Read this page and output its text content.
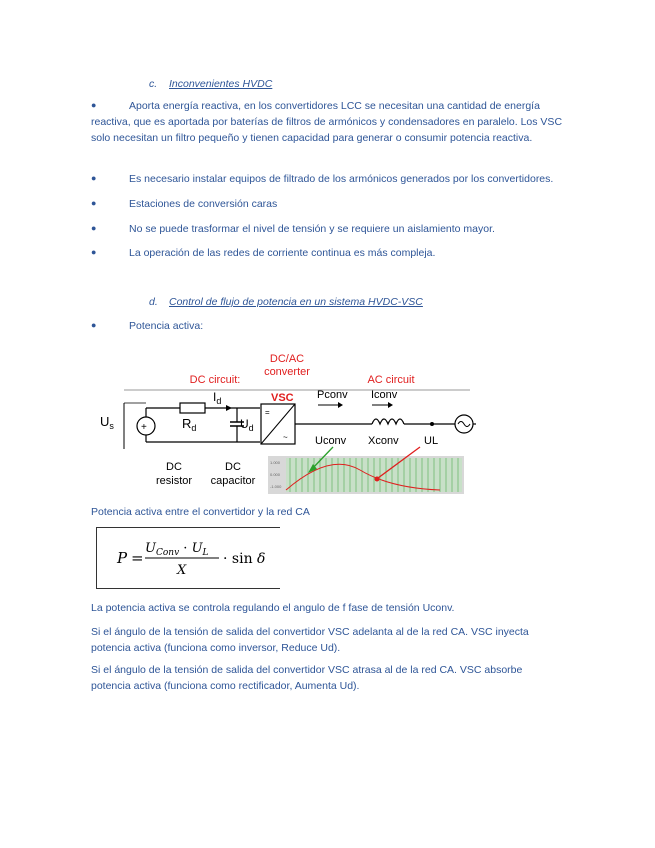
c. Inconvenientes HVDC
●	Aporta energía reactiva, en los convertidores LCC se necesitan una cantidad de energía reactiva, que es aportada por baterías de filtros de armónicos y condensadores en paralelo. Los VSC solo necesitan un filtro pequeño y tienen capacidad para generar o consumir potencia reactiva.
●	Es necesario instalar equipos de filtrado de los armónicos generados por los convertidores.
●	Estaciones de conversión caras
●	No se puede trasformar el nivel de tensión y se requiere un aislamiento mayor.
●	La operación de las redes de corriente continua es más compleja.
d. Control de flujo de potencia en un sistema HVDC-VSC
●	Potencia activa:
DC/AC
converter
DC circuit:	AC circuit
$U_s$	+	$R_d$
$I_d$
$U_d$
VSC
=
~
Pconv Iconv
Uconv Xconv UL
DC
resistor
DC
capacitor
1.000
0.000
-1.000
Potencia activa entre el convertidor y la red CA
P =
$U_{Conv} \cdot U_L$
X
· sin δ
La potencia activa se controla regulando el angulo de f fase de tensión Uconv.
Si el ángulo de la tensión de salida del convertidor VSC adelanta al de la red CA. VSC inyecta potencia activa (funciona como inversor, Reduce Ud).
Si el ángulo de la tensión de salida del convertidor VSC atrasa al de la red CA. VSC absorbe potencia activa (funciona como rectificador, Aumenta Ud).
